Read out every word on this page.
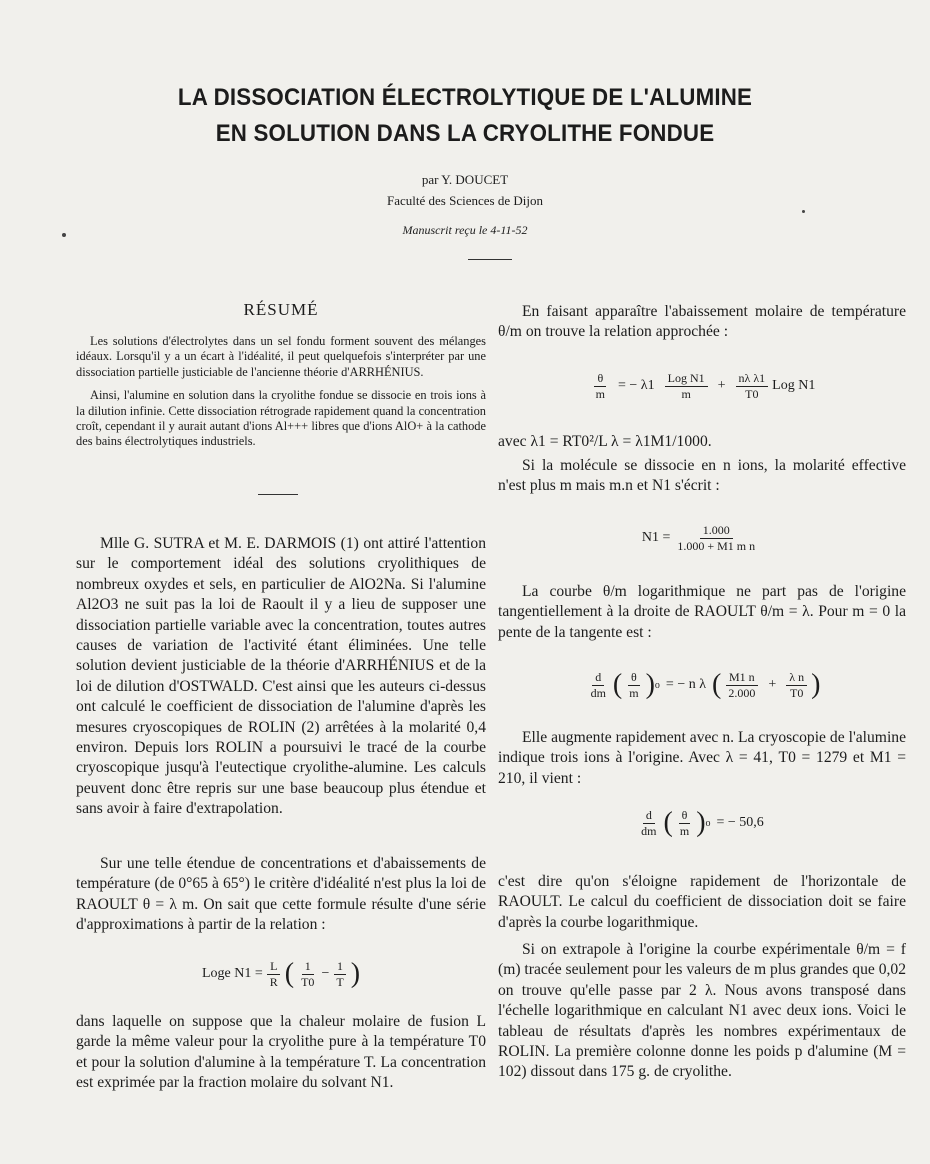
LA DISSOCIATION ÉLECTROLYTIQUE DE L'ALUMINE
EN SOLUTION DANS LA CRYOLITHE FONDUE
par Y. DOUCET
Faculté des Sciences de Dijon
Manuscrit reçu le 4-11-52
RÉSUMÉ

Les solutions d'électrolytes dans un sel fondu forment souvent des mélanges idéaux. Lorsqu'il y a un écart à l'idéalité, il peut quelquefois s'interpréter par une dissociation partielle justiciable de l'ancienne théorie d'ARRHÉNIUS.

Ainsi, l'alumine en solution dans la cryolithe fondue se dissocie en trois ions à la dilution infinie. Cette dissociation rétrograde rapidement quand la concentration croît, cependant il y aurait autant d'ions Al+++ libres que d'ions AlO+ à la cathode des bains électrolytiques industriels.

Mlle G. SUTRA et M. E. DARMOIS (1) ont attiré l'attention sur le comportement idéal des solutions cryolithiques de nombreux oxydes et sels, en particulier de AlO2Na. Si l'alumine Al2O3 ne suit pas la loi de Raoult il y a lieu de supposer une dissociation partielle variable avec la concentration, toutes autres causes de variation de l'activité étant éliminées. Une telle solution devient justiciable de la théorie d'ARRHÉNIUS et de la loi de dilution d'OSTWALD. C'est ainsi que les auteurs ci-dessus ont calculé le coefficient de dissociation de l'alumine d'après les mesures cryoscopiques de ROLIN (2) arrêtées à la molarité 0,4 environ. Depuis lors ROLIN a poursuivi le tracé de la courbe cryoscopique jusqu'à l'eutectique cryolithe-alumine. Les calculs peuvent donc être repris sur une base beaucoup plus étendue et sans avoir à faire d'extrapolation.

Sur une telle étendue de concentrations et d'abaissements de température (de 0°65 à 65°) le critère d'idéalité n'est plus la loi de RAOULT θ = λ m. On sait que cette formule résulte d'une série d'approximations à partir de la relation :

Loge $N1 = \frac{L}{R}$ ( $\frac{1}{T0} - \frac{1}{T}$ )

dans laquelle on suppose que la chaleur molaire de fusion L garde la même valeur pour la cryolithe pure à la température T0 et pour la solution d'alumine à la température T. La concentration est exprimée par la fraction molaire du solvant N1.

En faisant apparaître l'abaissement molaire de température θ/m on trouve la relation approchée :

$\frac{\theta}{m}$ = − $\lambda 1 \frac{\text{Log N1}}{m} + \frac{\text{nλ λ1}}{T0}$ Log N1

avec λ1 = RT0²/L λ = λ1M1/1000.

Si la molécule se dissocie en n ions, la molarité effective n'est plus m mais m.n et N1 s'écrit :

$N1 = \frac{1.000}{\text{1.000 + M1 m n}}$

La courbe θ/m logarithmique ne part pas de l'origine tangentiellement à la droite de RAOULT θ/m = λ. Pour m = 0 la pente de la tangente est :

$\frac{d}{dm}$ ( $\frac{\theta}{m}$ ) o = − n λ ( $\frac{M1 n}{2.000} + \frac{\text{λ n}}{T0}$ )

Elle augmente rapidement avec n. La cryoscopie de l'alumine indique trois ions à l'origine. Avec λ = 41, T0 = 1279 et M1 = 210, il vient :

$\frac{d}{dm}$ ( $\frac{\theta}{m}$ ) o = − 50,6

c'est dire qu'on s'éloigne rapidement de l'horizontale de RAOULT. Le calcul du coefficient de dissociation doit se faire d'après la courbe logarithmique.

Si on extrapole à l'origine la courbe expérimentale θ/m = f (m) tracée seulement pour les valeurs de m plus grandes que 0,02 on trouve qu'elle passe par 2 λ. Nous avons transposé dans l'échelle logarithmique en calculant N1 avec deux ions. Voici le tableau de résultats d'après les nombres expérimentaux de ROLIN. La première colonne donne les poids p d'alumine (M = 102) dissout dans 175 g. de cryolithe.
